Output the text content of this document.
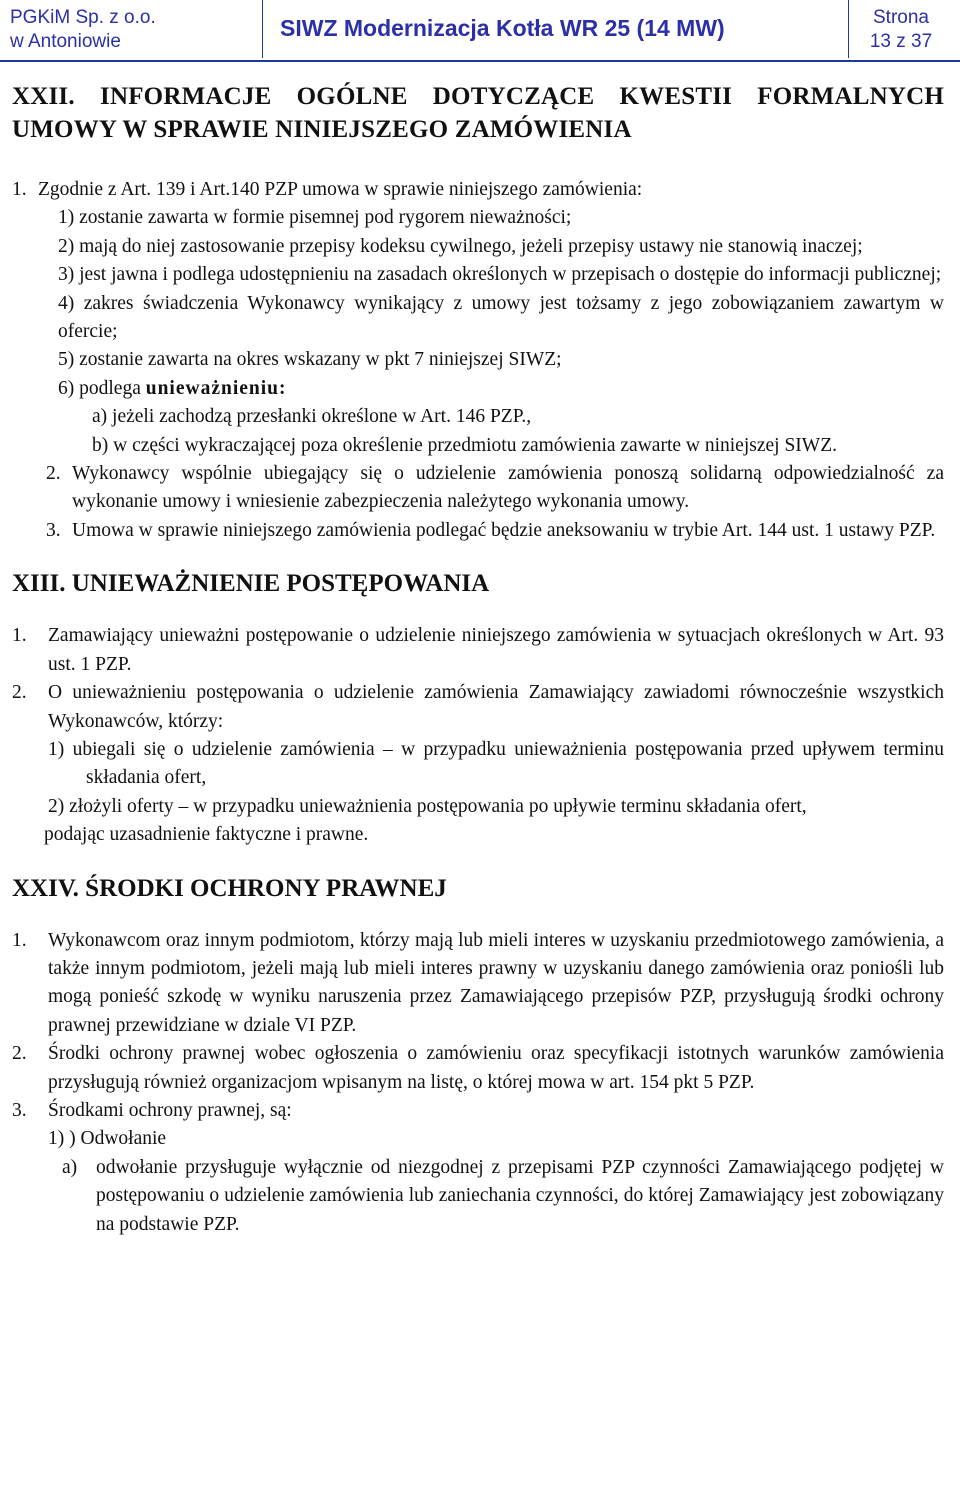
PGKiM Sp. z o.o.
w Antoniowie
SIWZ Modernizacja Kotła WR 25 (14 MW)	Strona
13 z 37
XXII. INFORMACJE OGÓLNE DOTYCZĄCE KWESTII FORMALNYCH UMOWY W SPRAWIE NINIEJSZEGO ZAMÓWIENIA
1. Zgodnie z Art. 139 i Art.140 PZP umowa w sprawie niniejszego zamówienia:

1) zostanie zawarta w formie pisemnej pod rygorem nieważności;

2) mają do niej zastosowanie przepisy kodeksu cywilnego, jeżeli przepisy ustawy nie stanowią inaczej;

3) jest jawna i podlega udostępnieniu na zasadach określonych w przepisach o dostępie do informacji publicznej;

4) zakres świadczenia Wykonawcy wynikający z umowy jest tożsamy z jego zobowiązaniem zawartym w ofercie;

5) zostanie zawarta na okres wskazany w pkt 7 niniejszej SIWZ;

6) podlega unieważnieniu:

a) jeżeli zachodzą przesłanki określone w Art. 146 PZP.,

b) w części wykraczającej poza określenie przedmiotu zamówienia zawarte w niniejszej SIWZ.

2. Wykonawcy wspólnie ubiegający się o udzielenie zamówienia ponoszą solidarną odpowiedzialność za wykonanie umowy i wniesienie zabezpieczenia należytego wykonania umowy.
3. Umowa w sprawie niniejszego zamówienia podlegać będzie aneksowaniu w trybie Art. 144 ust. 1 ustawy PZP.
XIII. UNIEWAŻNIENIE POSTĘPOWANIA
1.	Zamawiający unieważni postępowanie o udzielenie niniejszego zamówienia w sytuacjach określonych w Art. 93 ust. 1 PZP.
2.	O unieważnieniu postępowania o udzielenie zamówienia Zamawiający zawiadomi równocześnie wszystkich Wykonawców, którzy:

1) ubiegali się o udzielenie zamówienia – w przypadku unieważnienia postępowania przed upływem terminu składania ofert,

2) złożyli oferty – w przypadku unieważnienia postępowania po upływie terminu składania ofert,

podając uzasadnienie faktyczne i prawne.

XXIV. ŚRODKI OCHRONY PRAWNEJ
1.	Wykonawcom oraz innym podmiotom, którzy mają lub mieli interes w uzyskaniu przedmiotowego zamówienia, a także innym podmiotom, jeżeli mają lub mieli interes prawny w uzyskaniu danego zamówienia oraz poniośli lub mogą ponieść szkodę w wyniku naruszenia przez Zamawiającego przepisów PZP, przysługują środki ochrony prawnej przewidziane w dziale VI PZP.
2.	Środki ochrony prawnej wobec ogłoszenia o zamówieniu oraz specyfikacji istotnych warunków zamówienia przysługują również organizacjom wpisanym na listę, o której mowa w art. 154 pkt 5 PZP.
3.	Środkami ochrony prawnej, są:

1) ) Odwołanie

a) odwołanie przysługuje wyłącznie od niezgodnej z przepisami PZP czynności Zamawiającego podjętej w postępowaniu o udzielenie zamówienia lub zaniechania czynności, do której Zamawiający jest zobowiązany na podstawie PZP.
